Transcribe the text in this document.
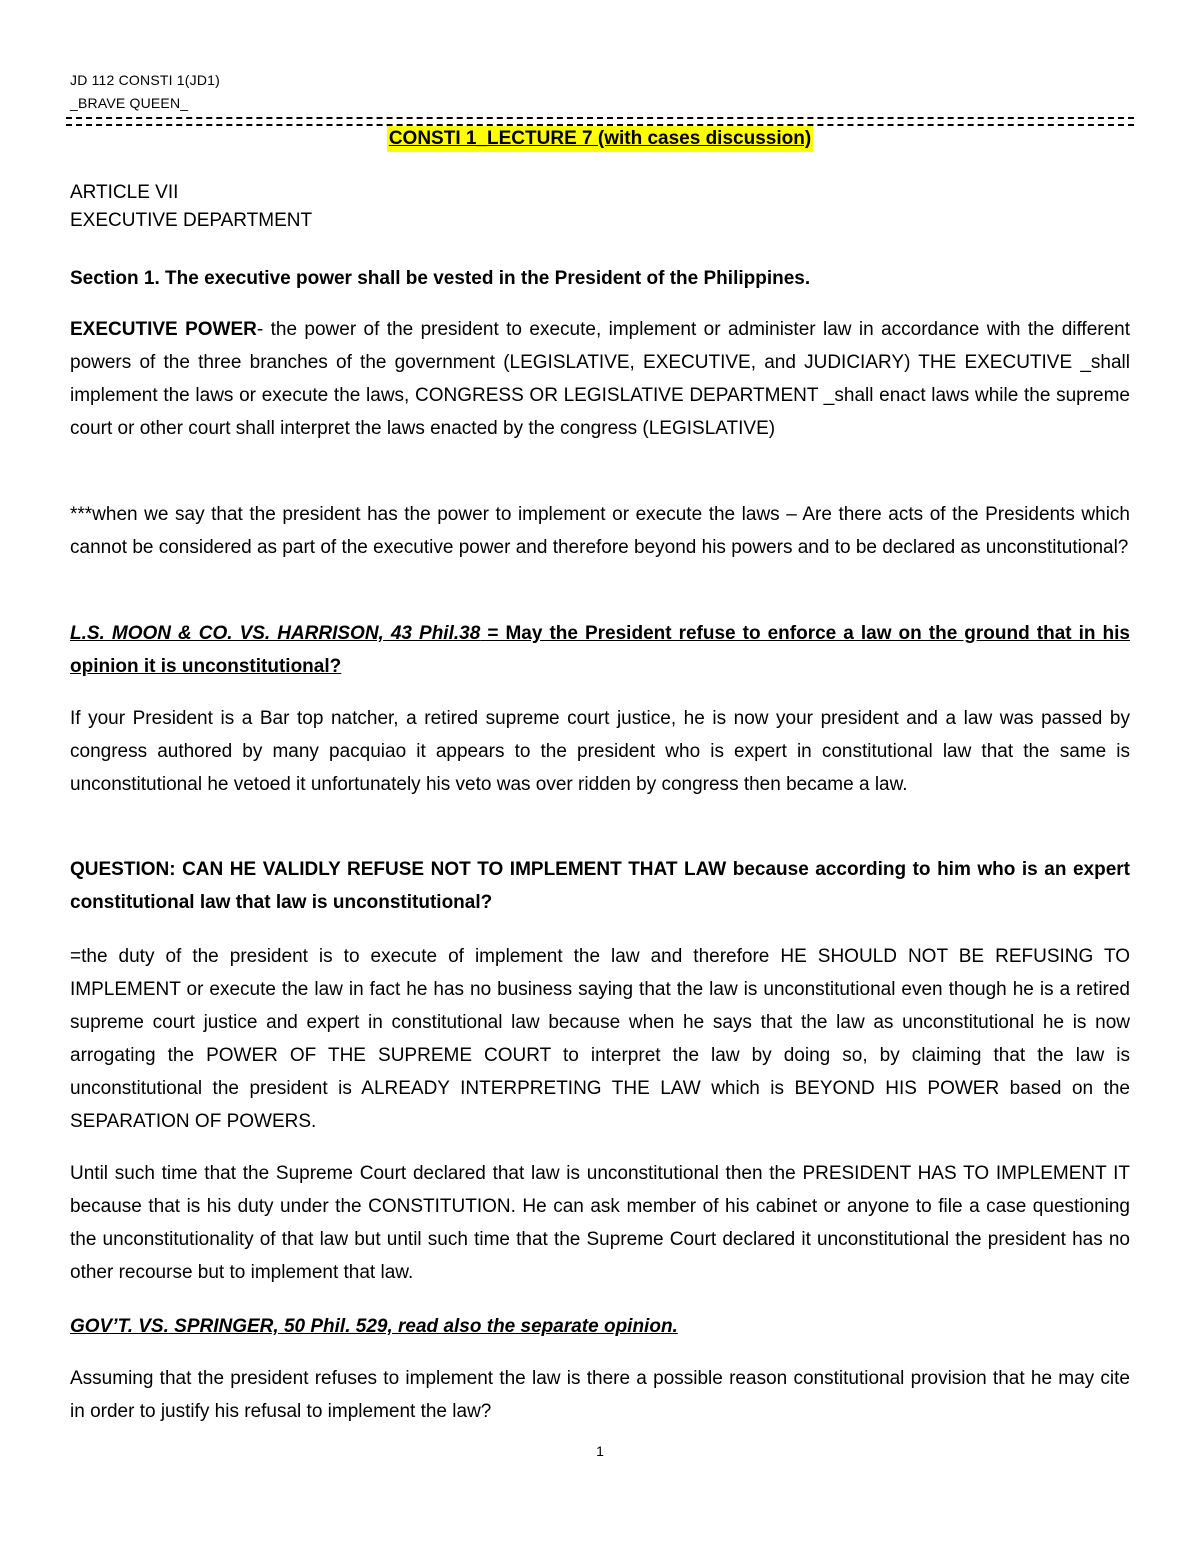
JD 112 CONSTI 1(JD1)
_BRAVE QUEEN_
CONSTI 1_LECTURE 7 (with cases discussion)
ARTICLE VII
EXECUTIVE DEPARTMENT
Section 1. The executive power shall be vested in the President of the Philippines.
EXECUTIVE POWER- the power of the president to execute, implement or administer law in accordance with the different powers of the three branches of the government (LEGISLATIVE, EXECUTIVE, and JUDICIARY) THE EXECUTIVE _shall implement the laws or execute the laws, CONGRESS OR LEGISLATIVE DEPARTMENT _shall enact laws while the supreme court or other court shall interpret the laws enacted by the congress (LEGISLATIVE)
***when we say that the president has the power to implement or execute the laws – Are there acts of the Presidents which cannot be considered as part of the executive power and therefore beyond his powers and to be declared as unconstitutional?
L.S. MOON & CO. VS. HARRISON, 43 Phil.38 = May the President refuse to enforce a law on the ground that in his opinion it is unconstitutional?
If your President is a Bar top natcher, a retired supreme court justice, he is now your president and a law was passed by congress authored by many pacquiao it appears to the president who is expert in constitutional law that the same is unconstitutional he vetoed it unfortunately his veto was over ridden by congress then became a law.
QUESTION: CAN HE VALIDLY REFUSE NOT TO IMPLEMENT THAT LAW because according to him who is an expert constitutional law that law is unconstitutional?
=the duty of the president is to execute of implement the law and therefore HE SHOULD NOT BE REFUSING TO IMPLEMENT or execute the law in fact he has no business saying that the law is unconstitutional even though he is a retired supreme court justice and expert in constitutional law because when he says that the law as unconstitutional he is now arrogating the POWER OF THE SUPREME COURT to interpret the law by doing so, by claiming that the law is unconstitutional the president is ALREADY INTERPRETING THE LAW which is BEYOND HIS POWER based on the SEPARATION OF POWERS.
Until such time that the Supreme Court declared that law is unconstitutional then the PRESIDENT HAS TO IMPLEMENT IT because that is his duty under the CONSTITUTION. He can ask member of his cabinet or anyone to file a case questioning the unconstitutionality of that law but until such time that the Supreme Court declared it unconstitutional the president has no other recourse but to implement that law.
GOV’T. VS. SPRINGER, 50 Phil. 529, read also the separate opinion.
Assuming that the president refuses to implement the law is there a possible reason constitutional provision that he may cite in order to justify his refusal to implement the law?
1
